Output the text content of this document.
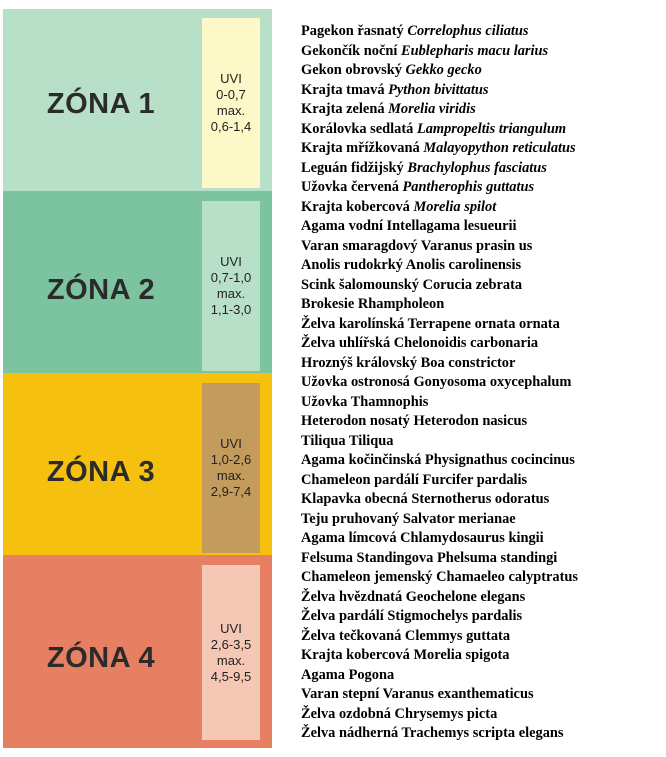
ZÓNA 1
UVI
0-0,7
max.
0,6-1,4
ZÓNA 2
UVI
0,7-1,0
max.
1,1-3,0
ZÓNA 3
UVI
1,0-2,6
max.
2,9-7,4
ZÓNA 4
UVI
2,6-3,5
max.
4,5-9,5
Pagekon řasnatý Correlophus ciliatus
Gekončík noční Eublepharis macu larius
Gekon obrovský Gekko gecko
Krajta tmavá Python bivittatus
Krajta zelená Morelia viridis
Korálovka sedlatá Lampropeltis triangulum
Krajta mřížkovaná Malayopython reticulatus
Leguán fidžijský Brachylophus fasciatus
Užovka červená Pantherophis guttatus
Krajta kobercová Morelia spilot
Agama vodní Intellagama lesueurii
Varan smaragdový Varanus prasin us
Anolis rudokrký Anolis carolinensis
Scink šalomounský Corucia zebrata
Brokesie Rhampholeon
Želva karolínská Terrapene ornata ornata
Želva uhlířská Chelonoidis carbonaria
Hroznýš královský Boa constrictor
Užovka ostronosá Gonyosoma oxycephalum
Užovka Thamnophis
Heterodon nosatý Heterodon nasicus
Tiliqua Tiliqua
Agama kočinčinská Physignathus cocincinus
Chameleon pardálí Furcifer pardalis
Klapavka obecná Sternotherus odoratus
Teju pruhovaný Salvator merianae
Agama límcová Chlamydosaurus kingii
Felsuma Standingova Phelsuma standingi
Chameleon jemenský Chamaeleo calyptratus
Želva hvězdnatá Geochelone elegans
Želva pardálí Stigmochelys pardalis
Želva tečkovaná Clemmys guttata
Krajta kobercová Morelia spigota
Agama Pogona
Varan stepní Varanus exanthematicus
Želva ozdobná Chrysemys picta
Želva nádherná Trachemys scripta elegans
